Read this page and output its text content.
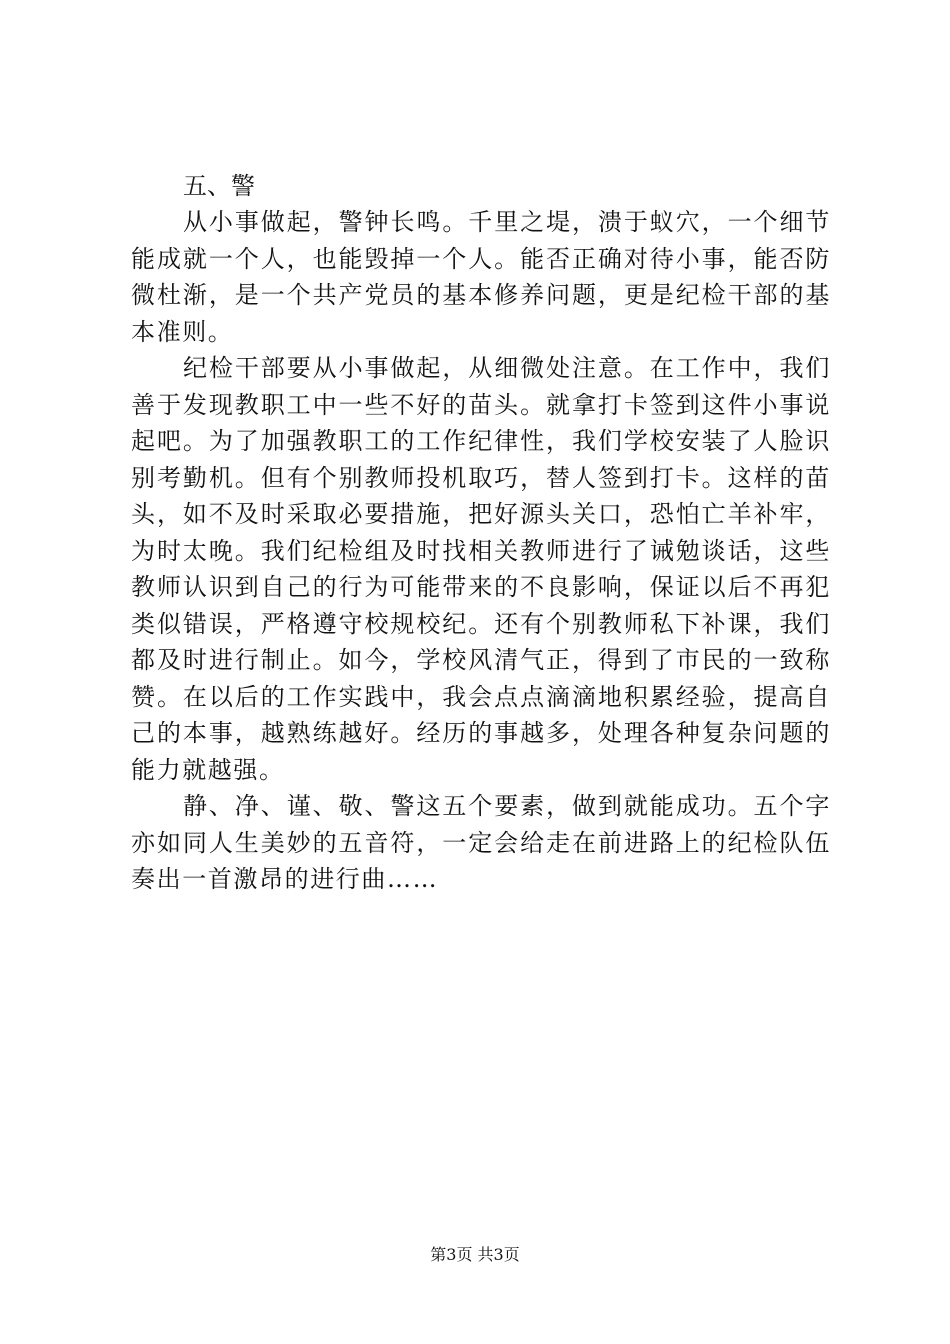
五、警

从小事做起，警钟长鸣。千里之堤，溃于蚁穴，一个细节能成就一个人，也能毁掉一个人。能否正确对待小事，能否防微杜渐，是一个共产党员的基本修养问题，更是纪检干部的基本准则。

纪检干部要从小事做起，从细微处注意。在工作中，我们善于发现教职工中一些不好的苗头。就拿打卡签到这件小事说起吧。为了加强教职工的工作纪律性，我们学校安装了人脸识别考勤机。但有个别教师投机取巧，替人签到打卡。这样的苗头，如不及时采取必要措施，把好源头关口，恐怕亡羊补牢，为时太晚。我们纪检组及时找相关教师进行了诫勉谈话，这些教师认识到自己的行为可能带来的不良影响，保证以后不再犯类似错误，严格遵守校规校纪。还有个别教师私下补课，我们都及时进行制止。如今，学校风清气正，得到了市民的一致称赞。在以后的工作实践中，我会点点滴滴地积累经验，提高自己的本事，越熟练越好。经历的事越多，处理各种复杂问题的能力就越强。

静、净、谨、敬、警这五个要素，做到就能成功。五个字亦如同人生美妙的五音符，一定会给走在前进路上的纪检队伍奏出一首激昂的进行曲……

第3页 共3页
